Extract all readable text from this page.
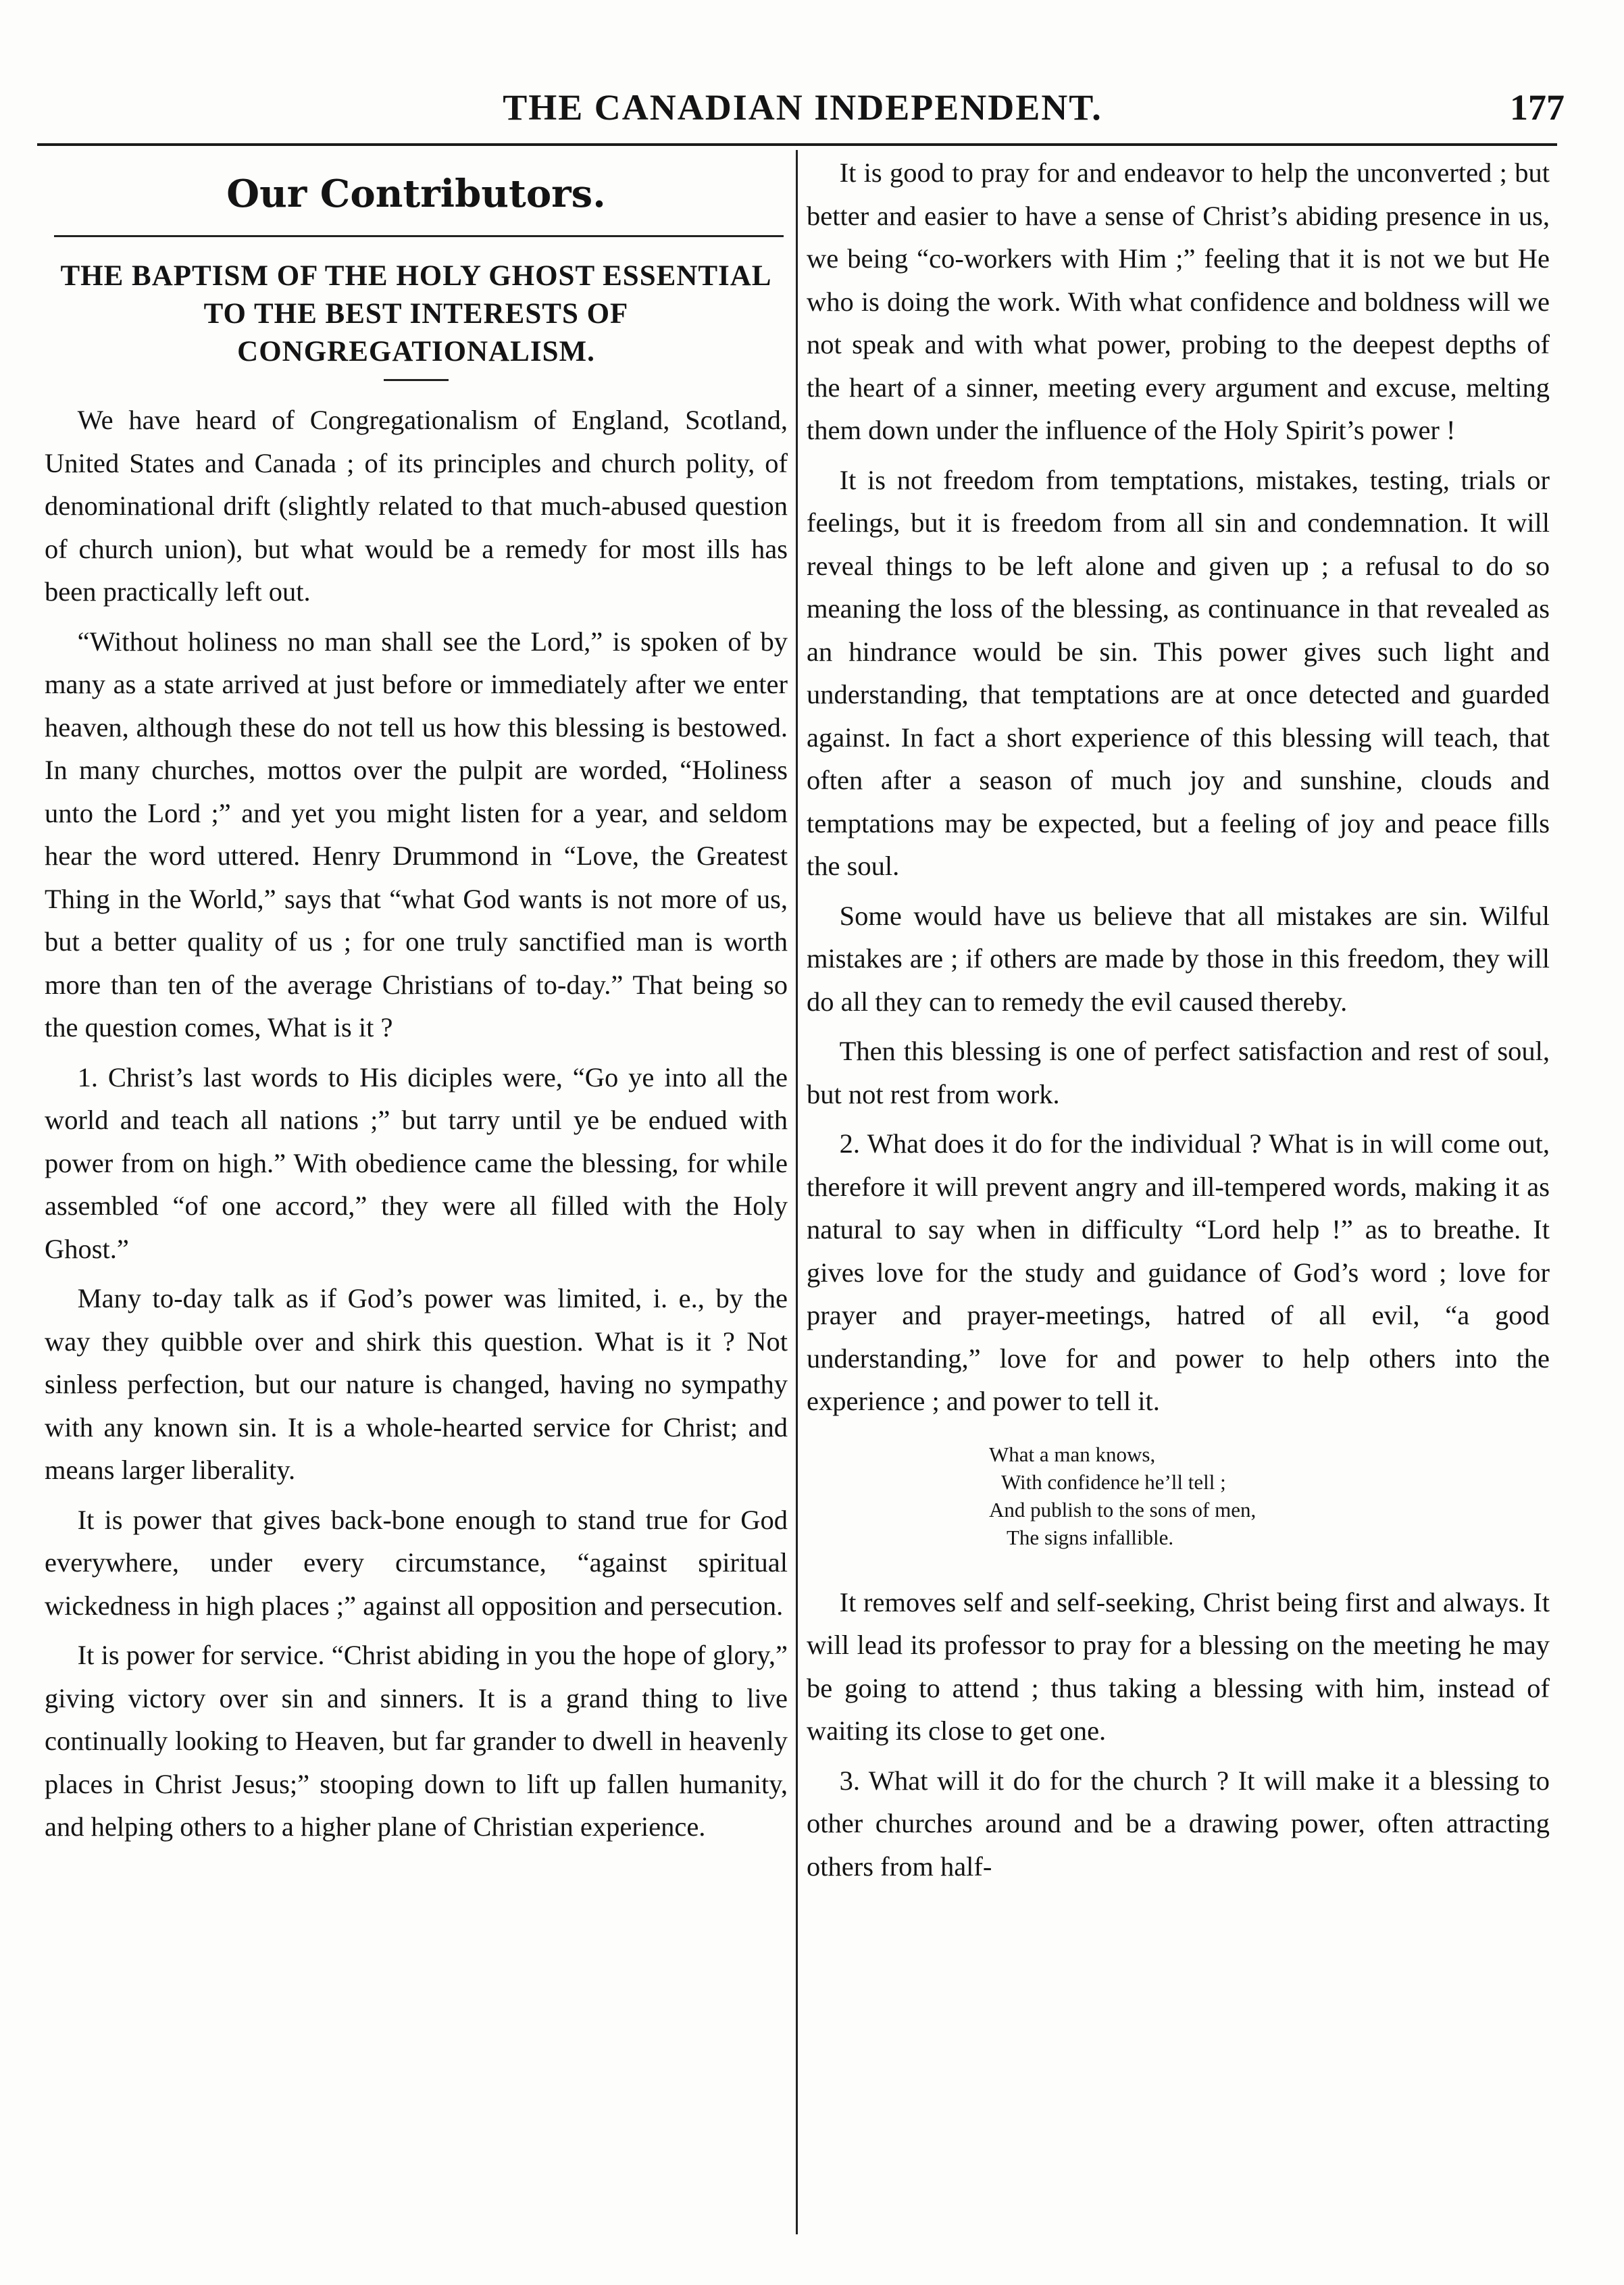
THE CANADIAN INDEPENDENT.	177
Our Contributors.
THE BAPTISM OF THE HOLY GHOST ESSENTIAL TO THE BEST INTERESTS OF CONGREGATIONALISM.

We have heard of Congregationalism of England, Scotland, United States and Canada ; of its principles and church polity, of denominational drift (slightly related to that much-abused question of church union), but what would be a remedy for most ills has been practically left out.

“Without holiness no man shall see the Lord,” is spoken of by many as a state arrived at just before or immediately after we enter heaven, although these do not tell us how this blessing is bestowed. In many churches, mottos over the pulpit are worded, “Holiness unto the Lord ;” and yet you might listen for a year, and seldom hear the word uttered. Henry Drummond in “Love, the Greatest Thing in the World,” says that “what God wants is not more of us, but a better quality of us ; for one truly sanctified man is worth more than ten of the average Christians of to-day.” That being so the question comes, What is it ?

1. Christ’s last words to His diciples were, “Go ye into all the world and teach all nations ;” but tarry until ye be endued with power from on high.” With obedience came the blessing, for while assembled “of one accord,” they were all filled with the Holy Ghost.”

Many to-day talk as if God’s power was limited, i. e., by the way they quibble over and shirk this question. What is it ? Not sinless perfection, but our nature is changed, having no sympathy with any known sin. It is a whole-hearted service for Christ; and means larger liberality.

It is power that gives back-bone enough to stand true for God everywhere, under every circumstance, “against spiritual wickedness in high places ;” against all opposition and persecution.

It is power for service. “Christ abiding in you the hope of glory,” giving victory over sin and sinners. It is a grand thing to live continually looking to Heaven, but far grander to dwell in heavenly places in Christ Jesus;” stooping down to lift up fallen humanity, and helping others to a higher plane of Christian experience.

It is good to pray for and endeavor to help the unconverted ; but better and easier to have a sense of Christ’s abiding presence in us, we being “co-workers with Him ;” feeling that it is not we but He who is doing the work. With what confidence and boldness will we not speak and with what power, probing to the deepest depths of the heart of a sinner, meeting every argument and excuse, melting them down under the influence of the Holy Spirit’s power !

It is not freedom from temptations, mistakes, testing, trials or feelings, but it is freedom from all sin and condemnation. It will reveal things to be left alone and given up ; a refusal to do so meaning the loss of the blessing, as continuance in that revealed as an hindrance would be sin. This power gives such light and understanding, that temptations are at once detected and guarded against. In fact a short experience of this blessing will teach, that often after a season of much joy and sunshine, clouds and temptations may be expected, but a feeling of joy and peace fills the soul.

Some would have us believe that all mistakes are sin. Wilful mistakes are ; if others are made by those in this freedom, they will do all they can to remedy the evil caused thereby.

Then this blessing is one of perfect satisfaction and rest of soul, but not rest from work.

2. What does it do for the individual ? What is in will come out, therefore it will prevent angry and ill-tempered words, making it as natural to say when in difficulty “Lord help !” as to breathe. It gives love for the study and guidance of God’s word ; love for prayer and prayer-meetings, hatred of all evil, “a good understanding,” love for and power to help others into the experience ; and power to tell it.

What a man knows,
With confidence he’ll tell ;
And publish to the sons of men,
The signs infallible.

It removes self and self-seeking, Christ being first and always. It will lead its professor to pray for a blessing on the meeting he may be going to attend ; thus taking a blessing with him, instead of waiting its close to get one.

3. What will it do for the church ? It will make it a blessing to other churches around and be a drawing power, often attracting others from half-
